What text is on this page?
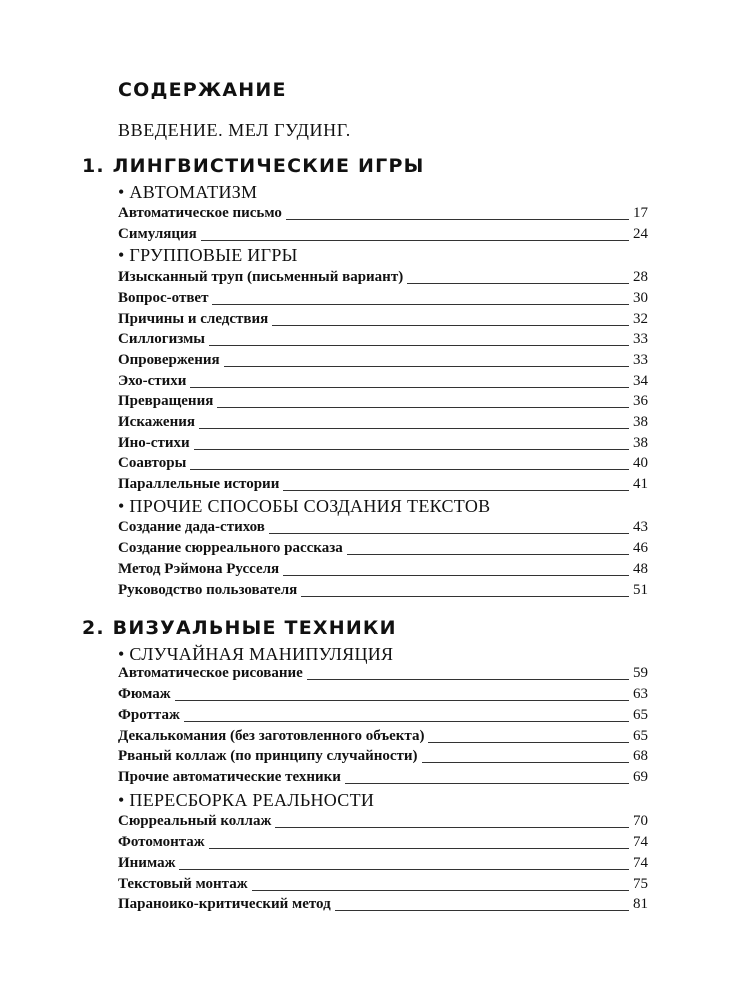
СОДЕРЖАНИЕ
ВВЕДЕНИЕ. МЕЛ ГУДИНГ.
1. ЛИНГВИСТИЧЕСКИЕ ИГРЫ
• АВТОМАТИЗМ
Автоматическое письмо	17
Симуляция	24
• ГРУППОВЫЕ ИГРЫ
Изысканный труп (письменный вариант)	28
Вопрос-ответ	30
Причины и следствия	32
Силлогизмы	33
Опровержения	33
Эхо-стихи	34
Превращения	36
Искажения	38
Ино-стихи	38
Соавторы	40
Параллельные истории	41
• ПРОЧИЕ СПОСОБЫ СОЗДАНИЯ ТЕКСТОВ
Создание дада-стихов	43
Создание сюрреального рассказа	46
Метод Рэймона Русселя	48
Руководство пользователя	51
2. ВИЗУАЛЬНЫЕ ТЕХНИКИ
• СЛУЧАЙНАЯ МАНИПУЛЯЦИЯ
Автоматическое рисование	59
Фюмаж	63
Фроттаж	65
Декалькомания (без заготовленного объекта)	65
Рваный коллаж (по принципу случайности)	68
Прочие автоматические техники	69
• ПЕРЕСБОРКА РЕАЛЬНОСТИ
Сюрреальный коллаж	70
Фотомонтаж	74
Инимаж	74
Текстовый монтаж	75
Параноико-критический метод	81
